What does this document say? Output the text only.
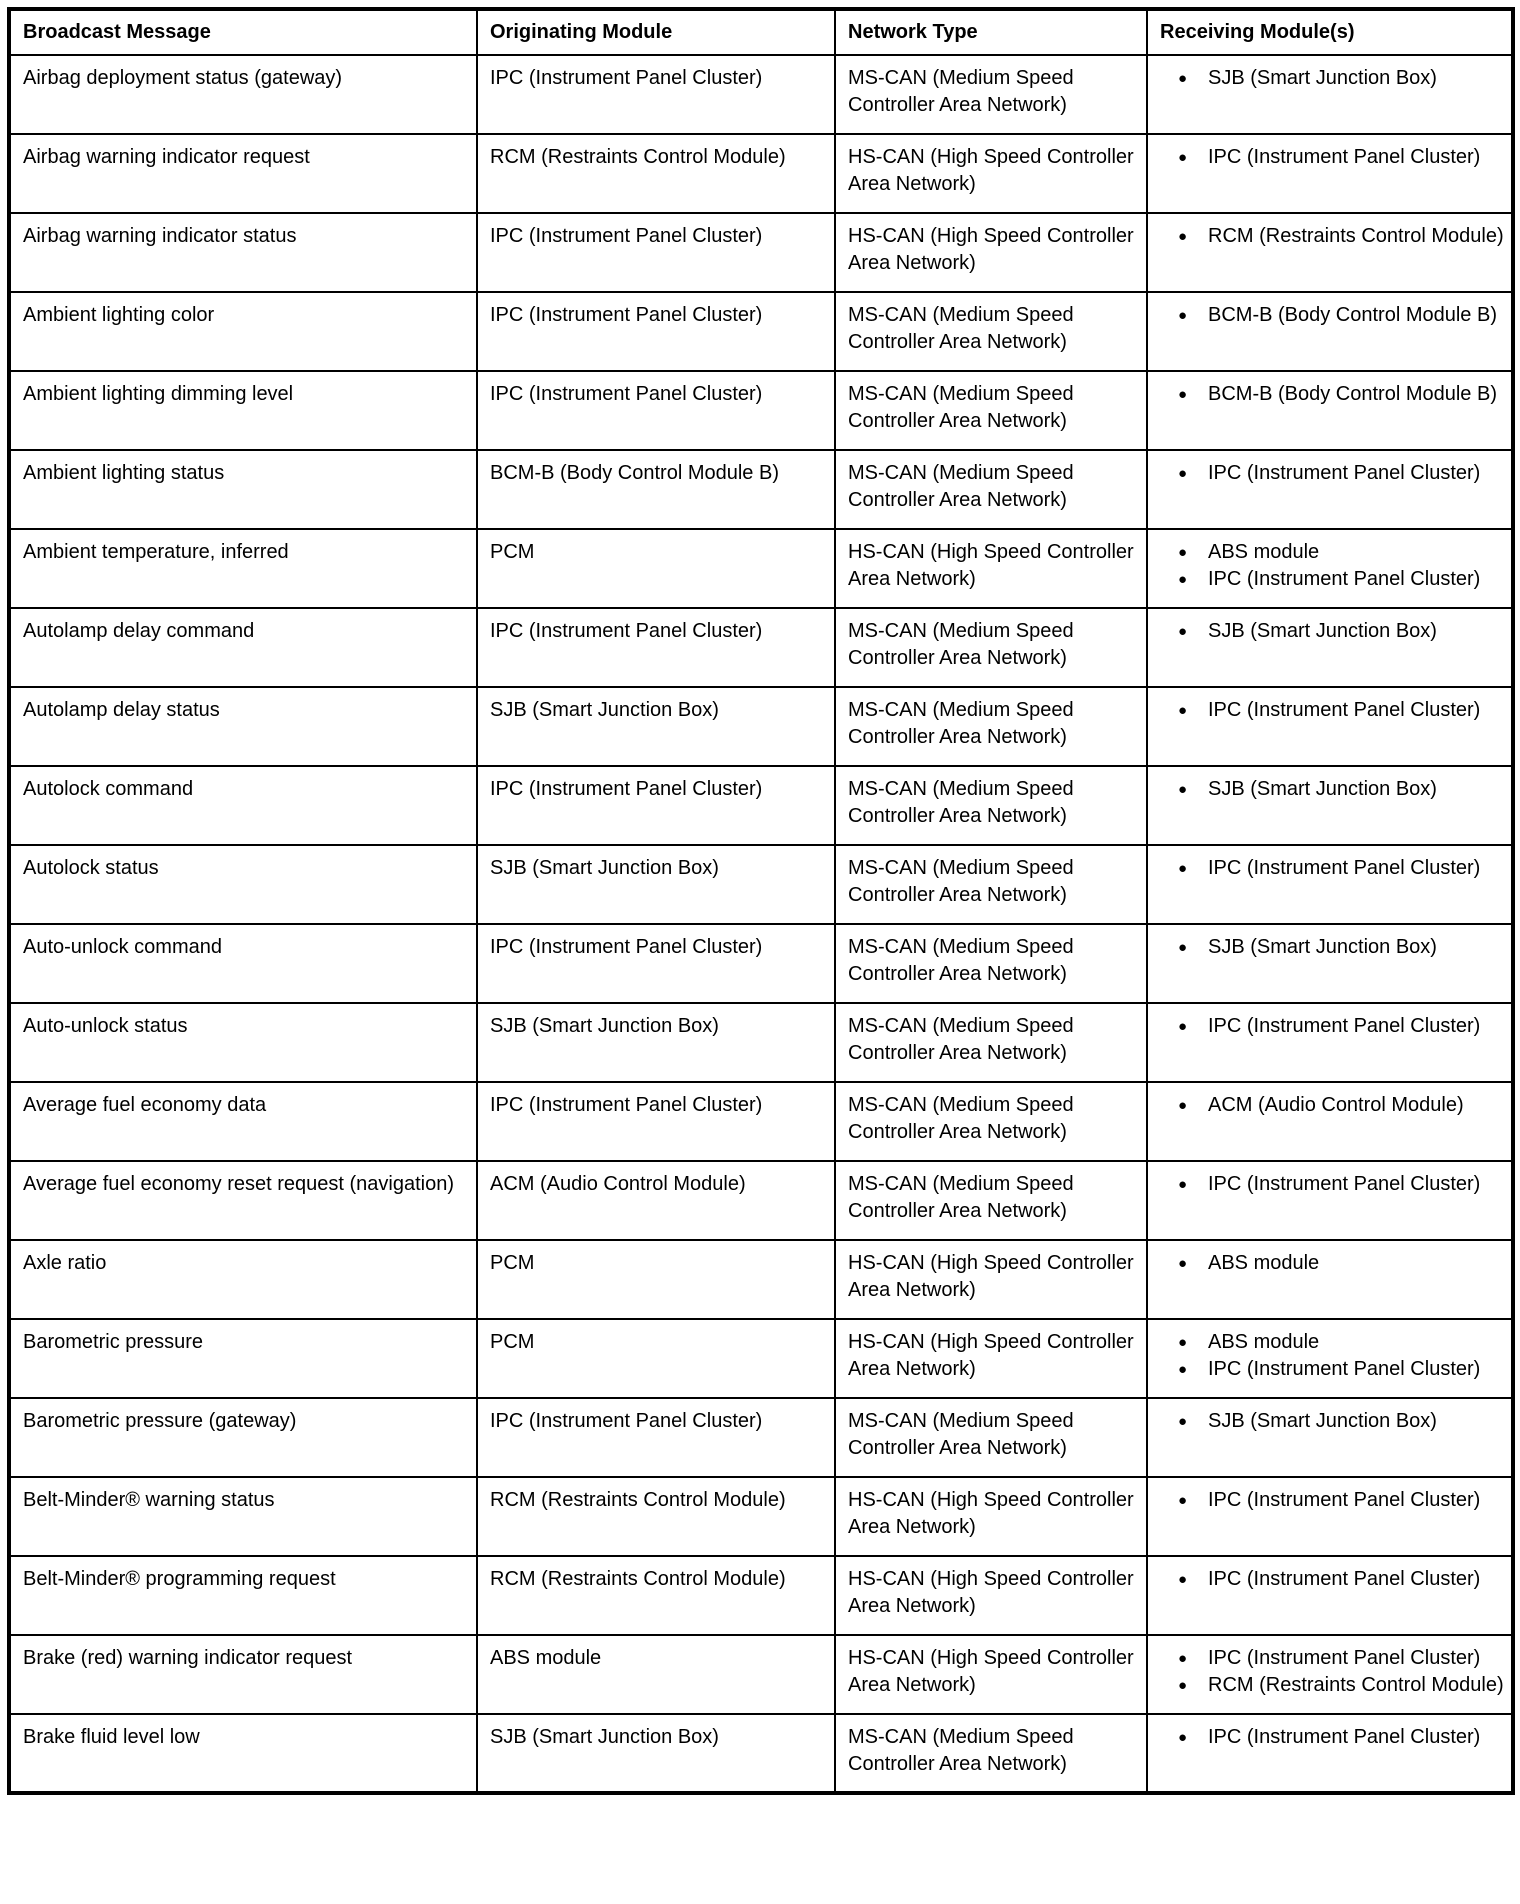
Broadcast Message	Originating Module	Network Type	Receiving Module(s)
Airbag deployment status (gateway)	IPC (Instrument Panel Cluster)	MS-CAN (Medium Speed Controller Area Network)	● SJB (Smart Junction Box)

Airbag warning indicator request	RCM (Restraints Control Module)	HS-CAN (High Speed Controller Area Network)	● IPC (Instrument Panel Cluster)

Airbag warning indicator status	IPC (Instrument Panel Cluster)	HS-CAN (High Speed Controller Area Network)	● RCM (Restraints Control Module)

Ambient lighting color	IPC (Instrument Panel Cluster)	MS-CAN (Medium Speed Controller Area Network)	● BCM-B (Body Control Module B)

Ambient lighting dimming level	IPC (Instrument Panel Cluster)	MS-CAN (Medium Speed Controller Area Network)	● BCM-B (Body Control Module B)

Ambient lighting status	BCM-B (Body Control Module B)	MS-CAN (Medium Speed Controller Area Network)	● IPC (Instrument Panel Cluster)

Ambient temperature, inferred	PCM	HS-CAN (High Speed Controller Area Network)	● ABS module
● IPC (Instrument Panel Cluster)

Autolamp delay command	IPC (Instrument Panel Cluster)	MS-CAN (Medium Speed Controller Area Network)	● SJB (Smart Junction Box)

Autolamp delay status	SJB (Smart Junction Box)	MS-CAN (Medium Speed Controller Area Network)	● IPC (Instrument Panel Cluster)

Autolock command	IPC (Instrument Panel Cluster)	MS-CAN (Medium Speed Controller Area Network)	● SJB (Smart Junction Box)

Autolock status	SJB (Smart Junction Box)	MS-CAN (Medium Speed Controller Area Network)	● IPC (Instrument Panel Cluster)

Auto-unlock command	IPC (Instrument Panel Cluster)	MS-CAN (Medium Speed Controller Area Network)	● SJB (Smart Junction Box)

Auto-unlock status	SJB (Smart Junction Box)	MS-CAN (Medium Speed Controller Area Network)	● IPC (Instrument Panel Cluster)

Average fuel economy data	IPC (Instrument Panel Cluster)	MS-CAN (Medium Speed Controller Area Network)	● ACM (Audio Control Module)

Average fuel economy reset request (navigation)	ACM (Audio Control Module)	MS-CAN (Medium Speed Controller Area Network)	● IPC (Instrument Panel Cluster)

Axle ratio	PCM	HS-CAN (High Speed Controller Area Network)	● ABS module

Barometric pressure	PCM	HS-CAN (High Speed Controller Area Network)	● ABS module
● IPC (Instrument Panel Cluster)

Barometric pressure (gateway)	IPC (Instrument Panel Cluster)	MS-CAN (Medium Speed Controller Area Network)	● SJB (Smart Junction Box)

Belt-Minder® warning status	RCM (Restraints Control Module)	HS-CAN (High Speed Controller Area Network)	● IPC (Instrument Panel Cluster)

Belt-Minder® programming request	RCM (Restraints Control Module)	HS-CAN (High Speed Controller Area Network)	● IPC (Instrument Panel Cluster)

Brake (red) warning indicator request	ABS module	HS-CAN (High Speed Controller Area Network)	● IPC (Instrument Panel Cluster)
● RCM (Restraints Control Module)

Brake fluid level low	SJB (Smart Junction Box)	MS-CAN (Medium Speed Controller Area Network)	● IPC (Instrument Panel Cluster)
